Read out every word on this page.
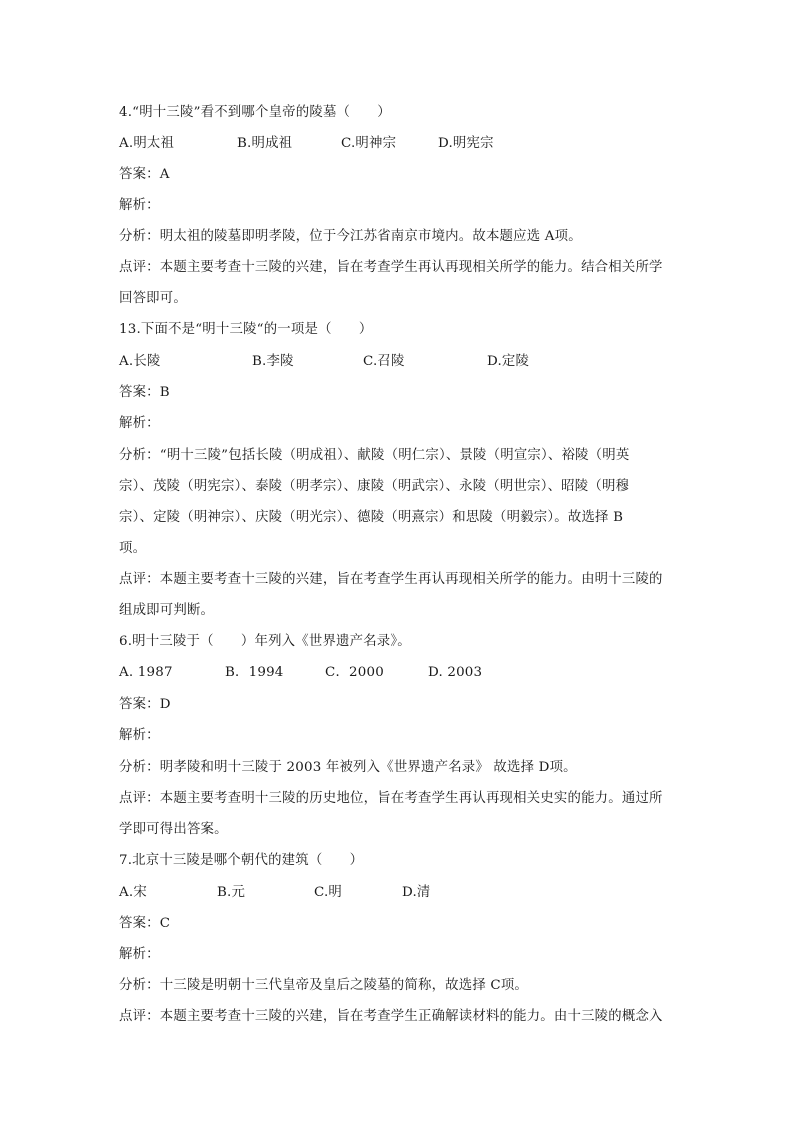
4.“明十三陵”看不到哪个皇帝的陵墓（　　）
A.明太祖	B.明成祖	C.明神宗	D.明宪宗
答案：A
解析：
分析：明太祖的陵墓即明孝陵，位于今江苏省南京市境内。故本题应选 A项。
点评：本题主要考查十三陵的兴建，旨在考查学生再认再现相关所学的能力。结合相关所学
回答即可。
13.下面不是“明十三陵“的一项是（　　）
A.长陵	B.李陵	C.召陵	D.定陵
答案：B
解析：
分析：“明十三陵”包括长陵（明成祖）、献陵（明仁宗）、景陵（明宣宗）、裕陵（明英
宗）、茂陵（明宪宗）、泰陵（明孝宗）、康陵（明武宗）、永陵（明世宗）、昭陵（明穆
宗）、定陵（明神宗）、庆陵（明光宗）、德陵（明熹宗）和思陵（明毅宗）。故选择 B
项。
点评：本题主要考查十三陵的兴建，旨在考查学生再认再现相关所学的能力。由明十三陵的
组成即可判断。
6.明十三陵于（　　）年列入《世界遗产名录》。
A. 1987	B．1994	C．2000	D. 2003
答案：D
解析：
分析：明孝陵和明十三陵于 2003 年被列入《世界遗产名录》 故选择 D项。
点评：本题主要考查明十三陵的历史地位，旨在考查学生再认再现相关史实的能力。通过所
学即可得出答案。
7.北京十三陵是哪个朝代的建筑（　　）
A.宋	B.元	C.明	D.清
答案：C
解析：
分析：十三陵是明朝十三代皇帝及皇后之陵墓的简称，故选择 C项。
点评：本题主要考查十三陵的兴建，旨在考查学生正确解读材料的能力。由十三陵的概念入
